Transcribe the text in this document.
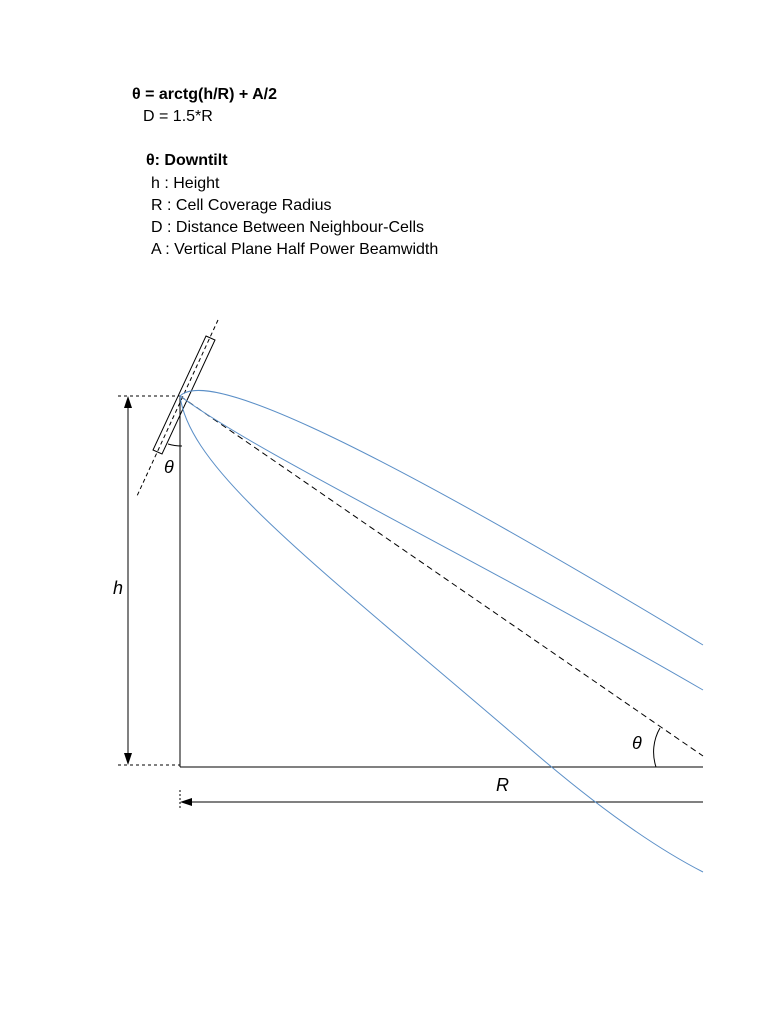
θ = arctg(h/R) + A/2
D = 1.5*R
θ: Downtilt
h : Height
R : Cell Coverage Radius
D : Distance Between Neighbour-Cells
A : Vertical Plane Half Power Beamwidth
θ
θ
h
R
